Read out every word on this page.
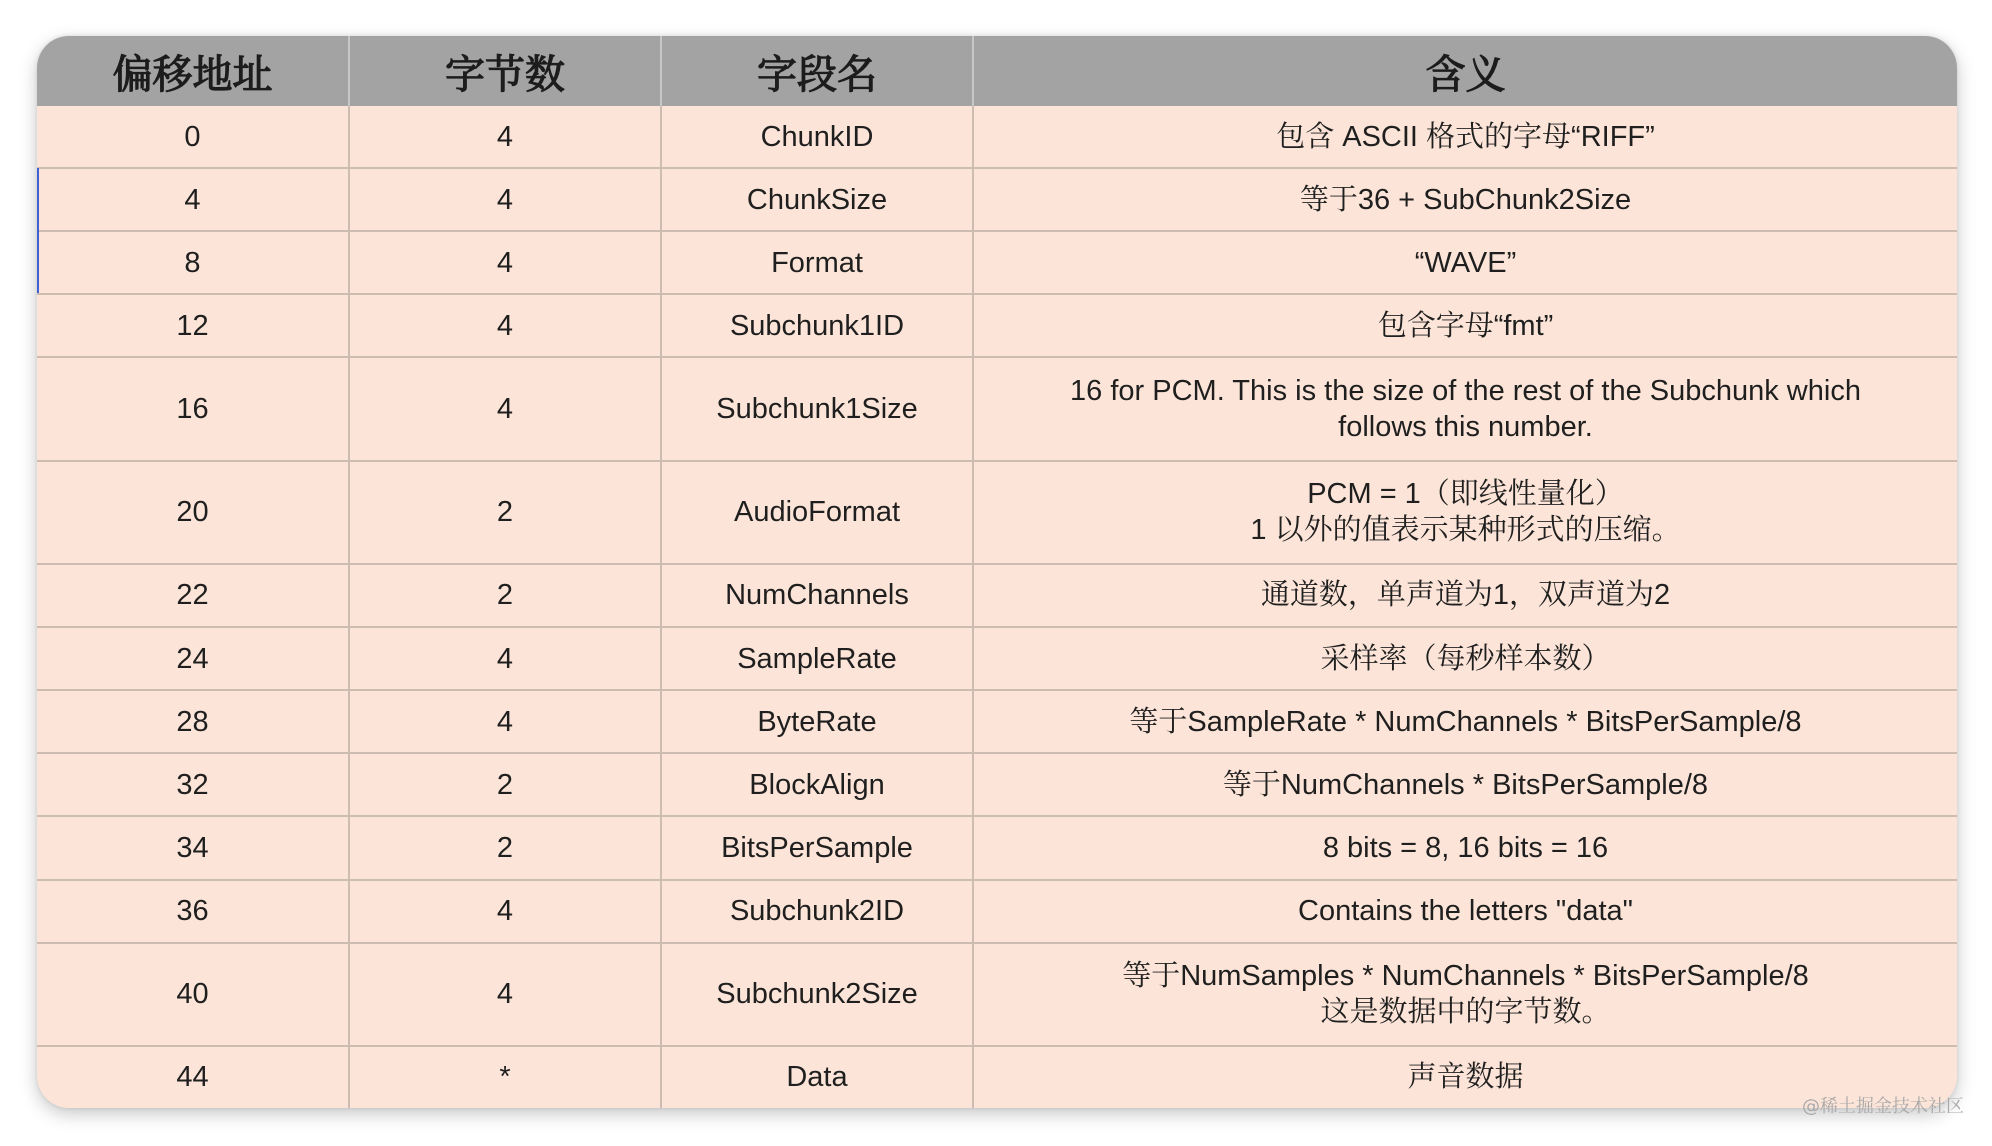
偏移地址	字节数	字段名	含义
0	4	ChunkID	包含 ASCII 格式的字母“RIFF”

4	4	ChunkSize	等于36 + SubChunk2Size

8	4	Format	“WAVE”

12	4	Subchunk1ID	包含字母“fmt”

16	4	Subchunk1Size	16 for PCM. This is the size of the rest of the Subchunk which
follows this number.

20	2	AudioFormat	PCM = 1（即线性量化）
1 以外的值表示某种形式的压缩。

22	2	NumChannels	通道数，单声道为1，双声道为2

24	4	SampleRate	采样率（每秒样本数）

28	4	ByteRate	等于SampleRate * NumChannels * BitsPerSample/8

32	2	BlockAlign	等于NumChannels * BitsPerSample/8

34	2	BitsPerSample	8 bits = 8, 16 bits = 16

36	4	Subchunk2ID	Contains the letters "data"

40	4	Subchunk2Size	等于NumSamples * NumChannels * BitsPerSample/8
这是数据中的字节数。

44	*	Data	声音数据
@稀土掘金技术社区
